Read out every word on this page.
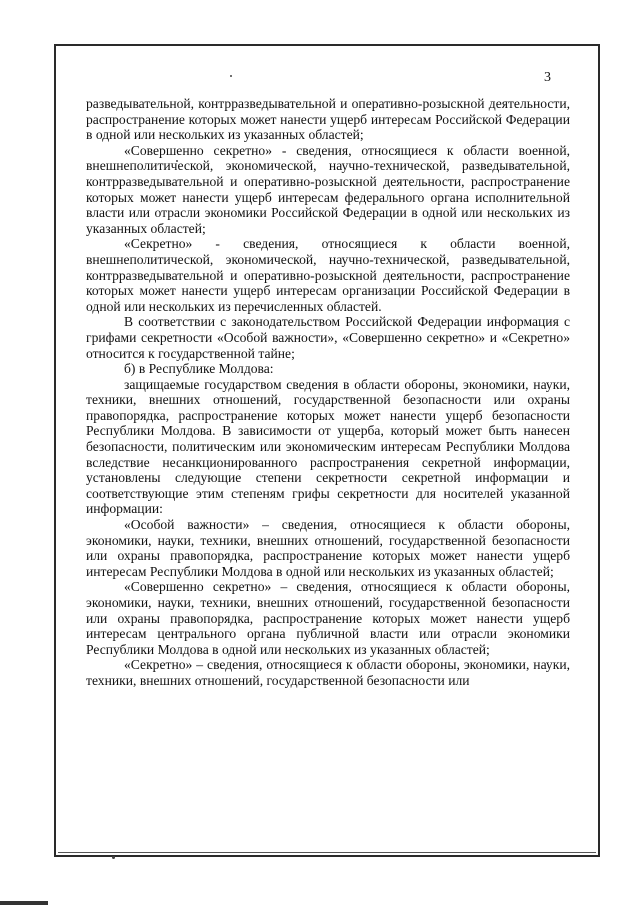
3

разведывательной, контрразведывательной и оперативно-розыскной деятельности, распространение которых может нанести ущерб интересам Российской Федерации в одной или нескольких из указанных областей;

«Совершенно секретно» - сведения, относящиеся к области военной, внешнеполитической, экономической, научно-технической, разведывательной, контрразведывательной и оперативно-розыскной деятельности, распространение которых может нанести ущерб интересам федерального органа исполнительной власти или отрасли экономики Российской Федерации в одной или нескольких из указанных областей;

«Секретно» - сведения, относящиеся к области военной, внешнеполитической, экономической, научно-технической, разведывательной, контрразведывательной и оперативно-розыскной деятельности, распространение которых может нанести ущерб интересам организации Российской Федерации в одной или нескольких из перечисленных областей.

В соответствии с законодательством Российской Федерации информация с грифами секретности «Особой важности», «Совершенно секретно» и «Секретно» относится к государственной тайне;

б) в Республике Молдова:

защищаемые государством сведения в области обороны, экономики, науки, техники, внешних отношений, государственной безопасности или охраны правопорядка, распространение которых может нанести ущерб безопасности Республики Молдова. В зависимости от ущерба, который может быть нанесен безопасности, политическим или экономическим интересам Республики Молдова вследствие несанкционированного распространения секретной информации, установлены следующие степени секретности секретной информации и соответствующие этим степеням грифы секретности для носителей указанной информации:

«Особой важности» – сведения, относящиеся к области обороны, экономики, науки, техники, внешних отношений, государственной безопасности или охраны правопорядка, распространение которых может нанести ущерб интересам Республики Молдова в одной или нескольких из указанных областей;

«Совершенно секретно» – сведения, относящиеся к области обороны, экономики, науки, техники, внешних отношений, государственной безопасности или охраны правопорядка, распространение которых может нанести ущерб интересам центрального органа публичной власти или отрасли экономики Республики Молдова в одной или нескольких из указанных областей;

«Секретно» – сведения, относящиеся к области обороны, экономики, науки, техники, внешних отношений, государственной безопасности или
